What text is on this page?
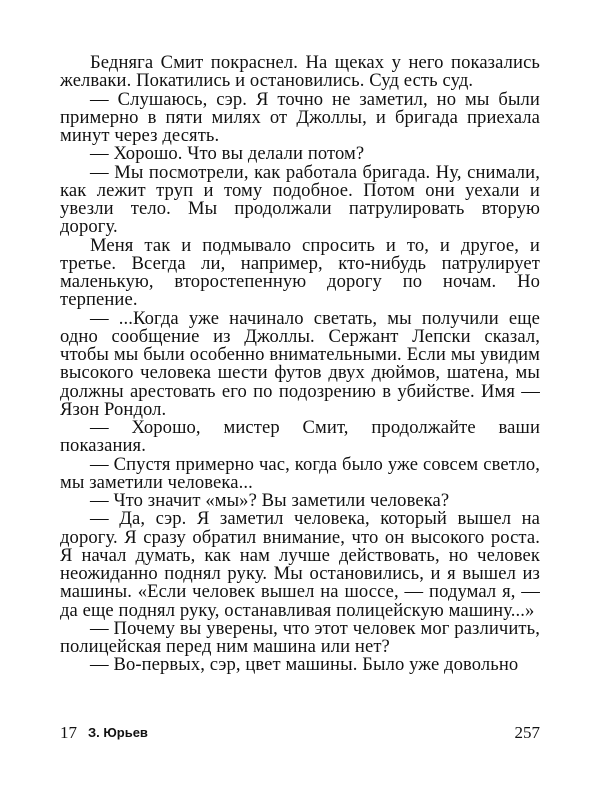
Бедняга Смит покраснел. На щеках у него показались желваки. Покатились и остановились. Суд есть суд.

— Слушаюсь, сэр. Я точно не заметил, но мы были примерно в пяти милях от Джоллы, и бригада приехала минут через десять.

— Хорошо. Что вы делали потом?

— Мы посмотрели, как работала бригада. Ну, снимали, как лежит труп и тому подобное. Потом они уехали и увезли тело. Мы продолжали патрулировать вторую дорогу.

Меня так и подмывало спросить и то, и другое, и третье. Всегда ли, например, кто-нибудь патрулирует маленькую, второстепенную дорогу по ночам. Но терпение.

— ...Когда уже начинало светать, мы получили еще одно сообщение из Джоллы. Сержант Лепски сказал, чтобы мы были особенно внимательными. Если мы увидим высокого человека шести футов двух дюймов, шатена, мы должны арестовать его по подозрению в убийстве. Имя — Язон Рондол.

— Хорошо, мистер Смит, продолжайте ваши показания.

— Спустя примерно час, когда было уже совсем светло, мы заметили человека...

— Что значит «мы»? Вы заметили человека?

— Да, сэр. Я заметил человека, который вышел на дорогу. Я сразу обратил внимание, что он высокого роста. Я начал думать, как нам лучше действовать, но человек неожиданно поднял руку. Мы остановились, и я вышел из машины. «Если человек вышел на шоссе, — подумал я, — да еще поднял руку, останавливая полицейскую машину...»

— Почему вы уверены, что этот человек мог различить, полицейская перед ним машина или нет?

— Во-первых, сэр, цвет машины. Было уже довольно

17 З. Юрьев	257
